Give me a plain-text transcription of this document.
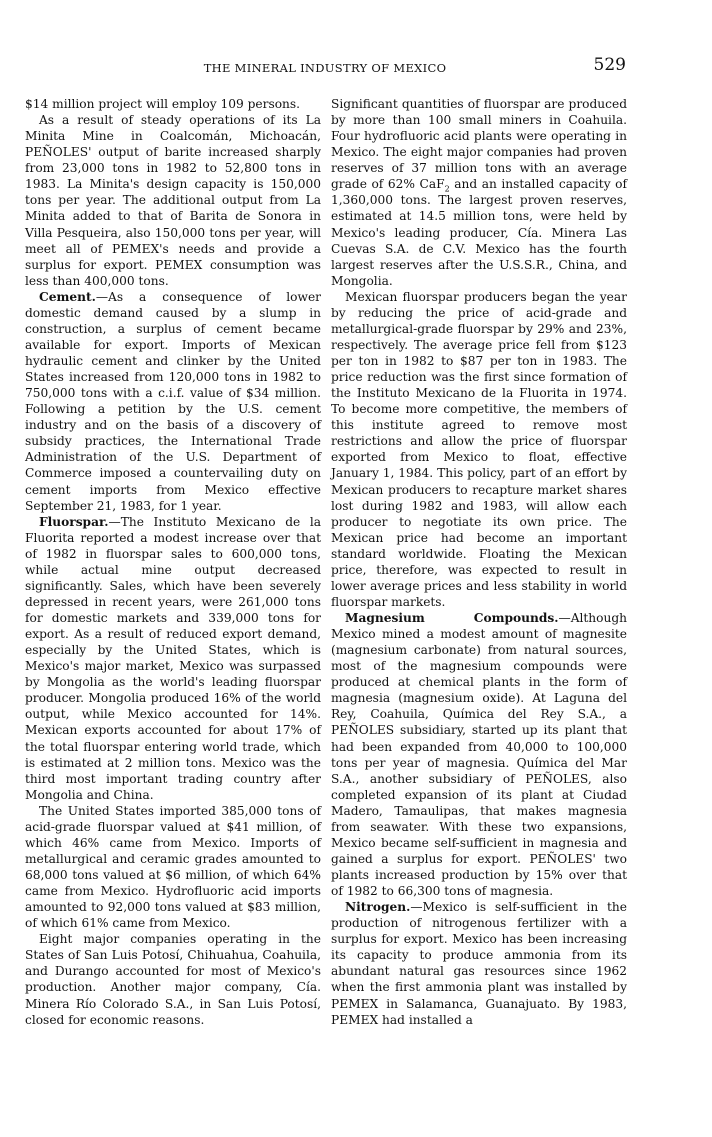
THE MINERAL INDUSTRY OF MEXICO	529

$14 million project will employ 109 persons.

As a result of steady operations of its La Minita Mine in Coalcomán, Michoacán, PEÑOLES' output of barite increased sharply from 23,000 tons in 1982 to 52,800 tons in 1983. La Minita's design capacity is 150,000 tons per year. The additional output from La Minita added to that of Barita de Sonora in Villa Pesqueira, also 150,000 tons per year, will meet all of PEMEX's needs and provide a surplus for export. PEMEX consumption was less than 400,000 tons.

Cement.—As a consequence of lower domestic demand caused by a slump in construction, a surplus of cement became available for export. Imports of Mexican hydraulic cement and clinker by the United States increased from 120,000 tons in 1982 to 750,000 tons with a c.i.f. value of $34 million. Following a petition by the U.S. cement industry and on the basis of a discovery of subsidy practices, the International Trade Administration of the U.S. Department of Commerce imposed a countervailing duty on cement imports from Mexico effective September 21, 1983, for 1 year.

Fluorspar.—The Instituto Mexicano de la Fluorita reported a modest increase over that of 1982 in fluorspar sales to 600,000 tons, while actual mine output decreased significantly. Sales, which have been severely depressed in recent years, were 261,000 tons for domestic markets and 339,000 tons for export. As a result of reduced export demand, especially by the United States, which is Mexico's major market, Mexico was surpassed by Mongolia as the world's leading fluorspar producer. Mongolia produced 16% of the world output, while Mexico accounted for 14%. Mexican exports accounted for about 17% of the total fluorspar entering world trade, which is estimated at 2 million tons. Mexico was the third most important trading country after Mongolia and China.

The United States imported 385,000 tons of acid-grade fluorspar valued at $41 million, of which 46% came from Mexico. Imports of metallurgical and ceramic grades amounted to 68,000 tons valued at $6 million, of which 64% came from Mexico. Hydrofluoric acid imports amounted to 92,000 tons valued at $83 million, of which 61% came from Mexico.

Eight major companies operating in the States of San Luis Potosí, Chihuahua, Coahuila, and Durango accounted for most of Mexico's production. Another major company, Cía. Minera Río Colorado S.A., in San Luis Potosí, closed for economic reasons.

Significant quantities of fluorspar are produced by more than 100 small miners in Coahuila. Four hydrofluoric acid plants were operating in Mexico. The eight major companies had proven reserves of 37 million tons with an average grade of 62% CaF$_2$ and an installed capacity of 1,360,000 tons. The largest proven reserves, estimated at 14.5 million tons, were held by Mexico's leading producer, Cía. Minera Las Cuevas S.A. de C.V. Mexico has the fourth largest reserves after the U.S.S.R., China, and Mongolia.

Mexican fluorspar producers began the year by reducing the price of acid-grade and metallurgical-grade fluorspar by 29% and 23%, respectively. The average price fell from $123 per ton in 1982 to $87 per ton in 1983. The price reduction was the first since formation of the Instituto Mexicano de la Fluorita in 1974. To become more competitive, the members of this institute agreed to remove most restrictions and allow the price of fluorspar exported from Mexico to float, effective January 1, 1984. This policy, part of an effort by Mexican producers to recapture market shares lost during 1982 and 1983, will allow each producer to negotiate its own price. The Mexican price had become an important standard worldwide. Floating the Mexican price, therefore, was expected to result in lower average prices and less stability in world fluorspar markets.

Magnesium Compounds.—Although Mexico mined a modest amount of magnesite (magnesium carbonate) from natural sources, most of the magnesium compounds were produced at chemical plants in the form of magnesia (magnesium oxide). At Laguna del Rey, Coahuila, Química del Rey S.A., a PEÑOLES subsidiary, started up its plant that had been expanded from 40,000 to 100,000 tons per year of magnesia. Química del Mar S.A., another subsidiary of PEÑOLES, also completed expansion of its plant at Ciudad Madero, Tamaulipas, that makes magnesia from seawater. With these two expansions, Mexico became self-sufficient in magnesia and gained a surplus for export. PEÑOLES' two plants increased production by 15% over that of 1982 to 66,300 tons of magnesia.

Nitrogen.—Mexico is self-sufficient in the production of nitrogenous fertilizer with a surplus for export. Mexico has been increasing its capacity to produce ammonia from its abundant natural gas resources since 1962 when the first ammonia plant was installed by PEMEX in Salamanca, Guanajuato. By 1983, PEMEX had installed a
